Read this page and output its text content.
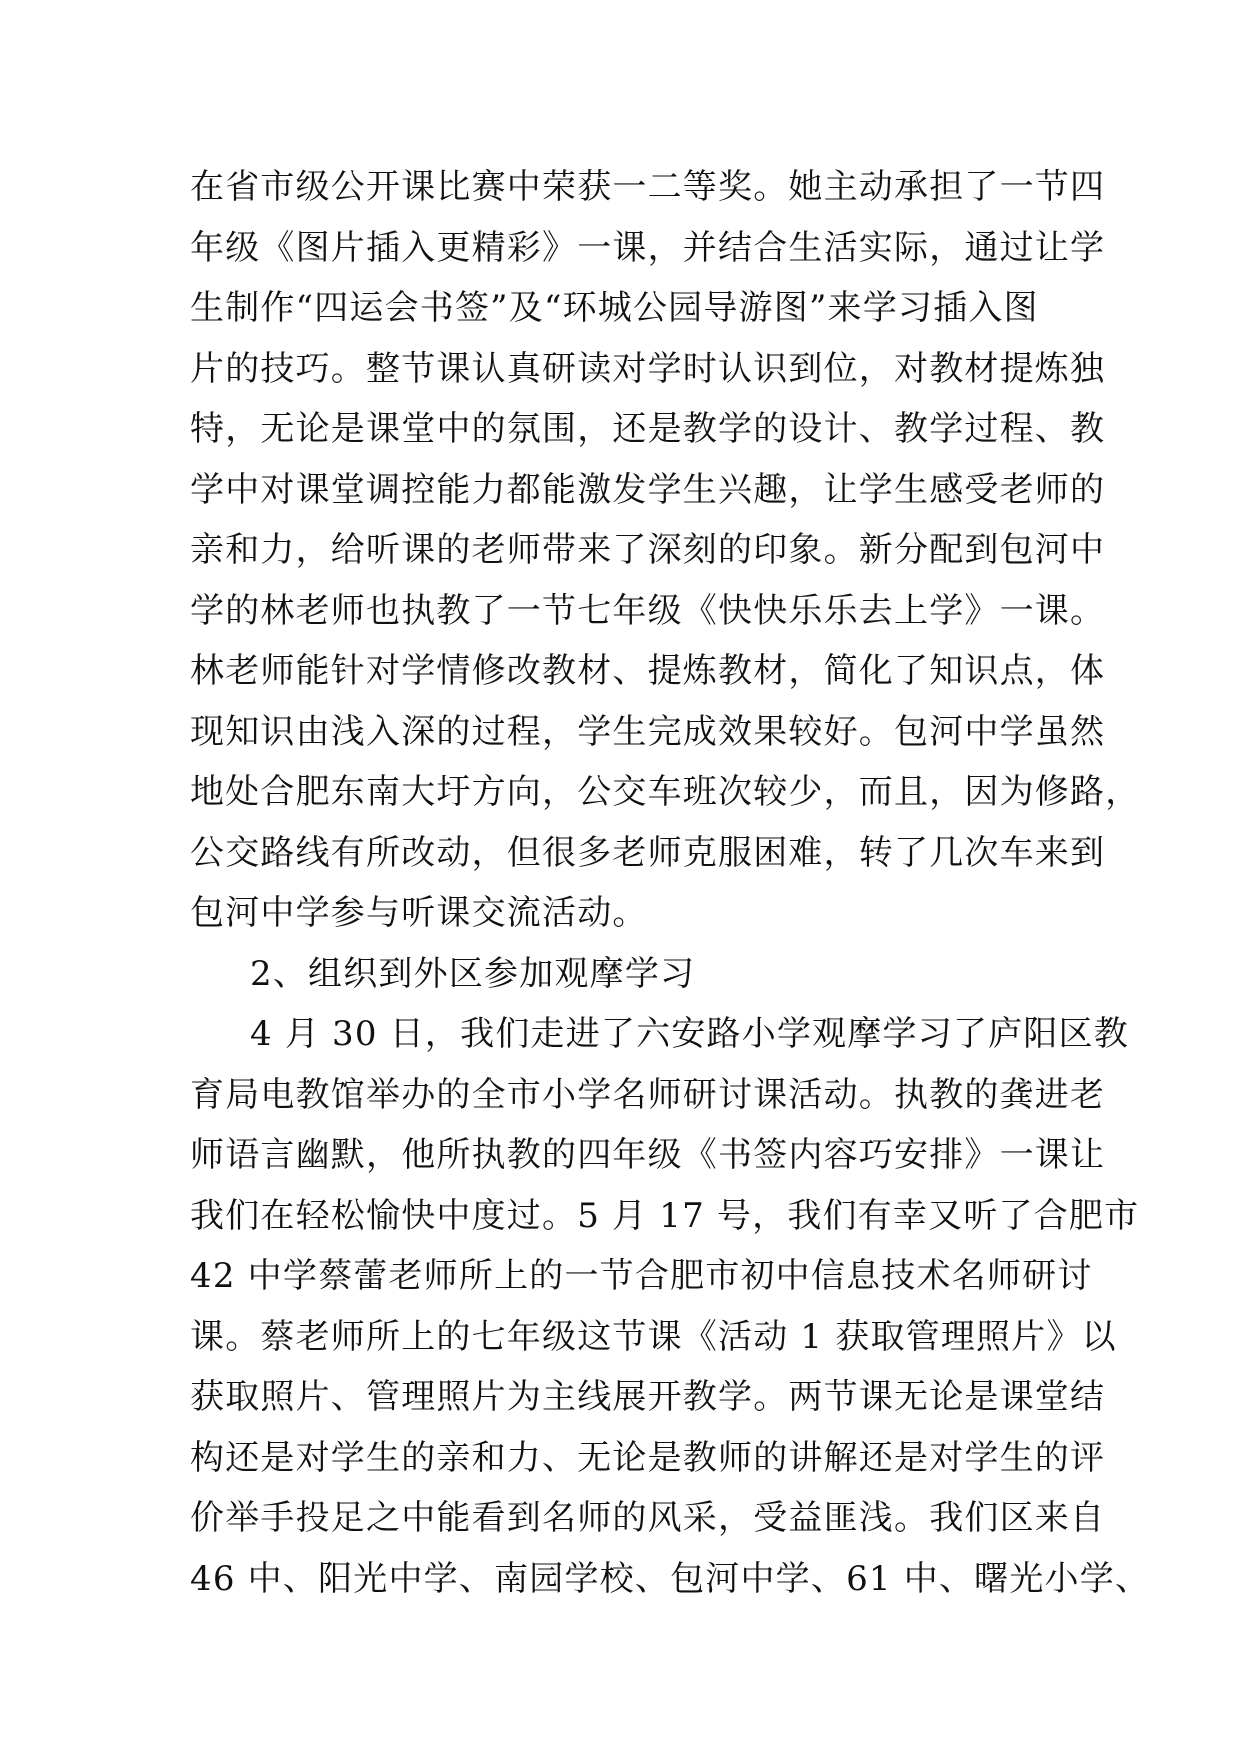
在省市级公开课比赛中荣获一二等奖。她主动承担了一节四
年级《图片插入更精彩》一课，并结合生活实际，通过让学
生制作“四运会书签”及“环城公园导游图”来学习插入图
片的技巧。整节课认真研读对学时认识到位，对教材提炼独
特，无论是课堂中的氛围，还是教学的设计、教学过程、教
学中对课堂调控能力都能激发学生兴趣，让学生感受老师的
亲和力，给听课的老师带来了深刻的印象。新分配到包河中
学的林老师也执教了一节七年级《快快乐乐去上学》一课。
林老师能针对学情修改教材、提炼教材，简化了知识点，体
现知识由浅入深的过程，学生完成效果较好。包河中学虽然
地处合肥东南大圩方向，公交车班次较少，而且，因为修路，
公交路线有所改动，但很多老师克服困难，转了几次车来到
包河中学参与听课交流活动。
2、组织到外区参加观摩学习
4 月 30 日，我们走进了六安路小学观摩学习了庐阳区教
育局电教馆举办的全市小学名师研讨课活动。执教的龚进老
师语言幽默，他所执教的四年级《书签内容巧安排》一课让
我们在轻松愉快中度过。5 月 17 号，我们有幸又听了合肥市
42 中学蔡蕾老师所上的一节合肥市初中信息技术名师研讨
课。蔡老师所上的七年级这节课《活动 1 获取管理照片》以
获取照片、管理照片为主线展开教学。两节课无论是课堂结
构还是对学生的亲和力、无论是教师的讲解还是对学生的评
价举手投足之中能看到名师的风采，受益匪浅。我们区来自
46 中、阳光中学、南园学校、包河中学、61 中、曙光小学、
